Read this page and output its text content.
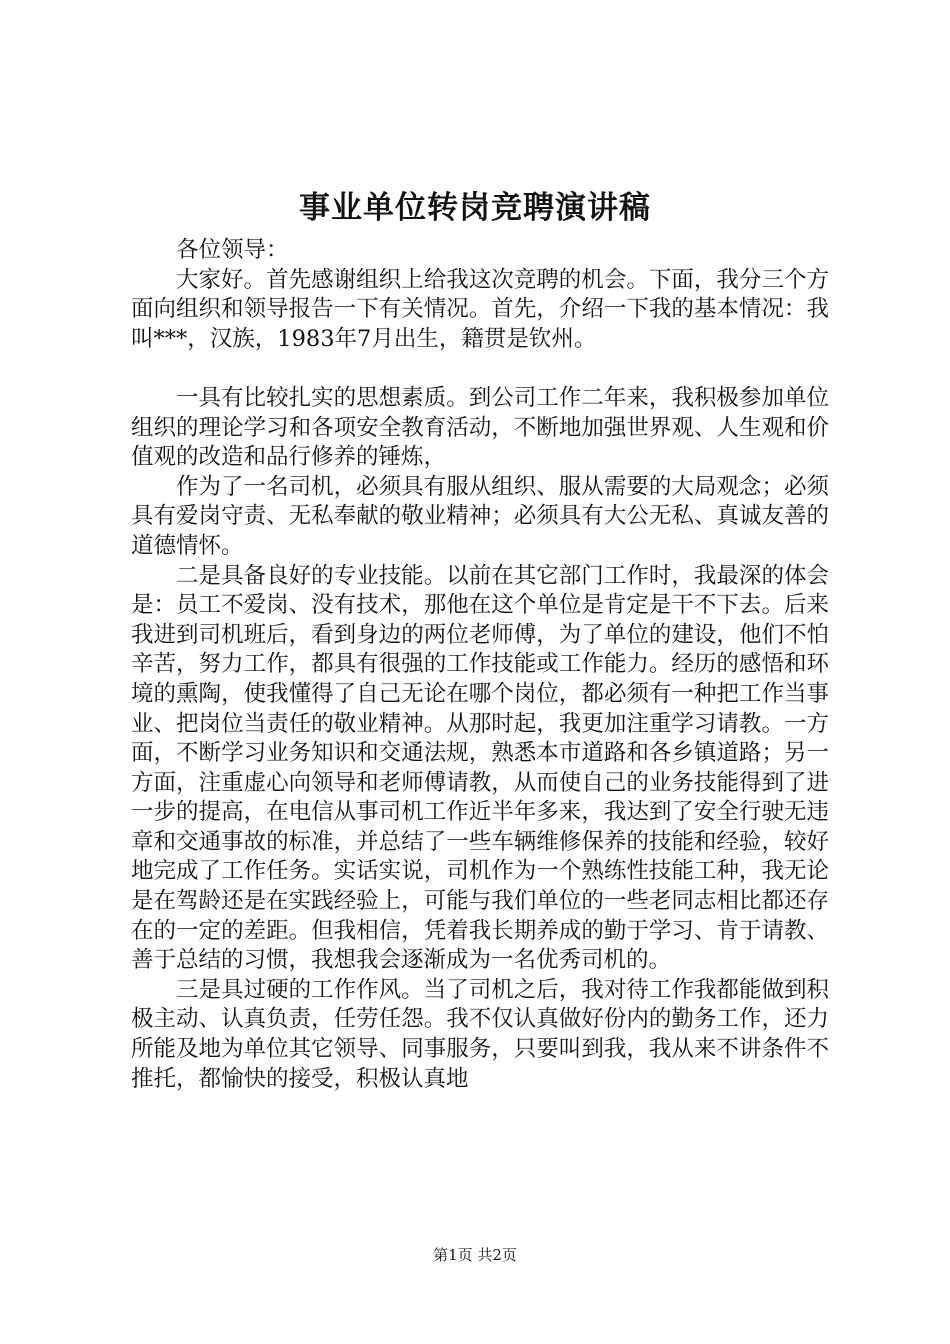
事业单位转岗竞聘演讲稿

各位领导：

大家好。首先感谢组织上给我这次竞聘的机会。下面，我分三个方面向组织和领导报告一下有关情况。首先，介绍一下我的基本情况：我叫***，汉族，1983年7月出生，籍贯是钦州。

一具有比较扎实的思想素质。到公司工作二年来，我积极参加单位组织的理论学习和各项安全教育活动，不断地加强世界观、人生观和价值观的改造和品行修养的锤炼，

作为了一名司机，必须具有服从组织、服从需要的大局观念；必须具有爱岗守责、无私奉献的敬业精神；必须具有大公无私、真诚友善的道德情怀。

二是具备良好的专业技能。以前在其它部门工作时，我最深的体会是：员工不爱岗、没有技术，那他在这个单位是肯定是干不下去。后来我进到司机班后，看到身边的两位老师傅，为了单位的建设，他们不怕辛苦，努力工作，都具有很强的工作技能或工作能力。经历的感悟和环境的熏陶，使我懂得了自己无论在哪个岗位，都必须有一种把工作当事业、把岗位当责任的敬业精神。从那时起，我更加注重学习请教。一方面，不断学习业务知识和交通法规，熟悉本市道路和各乡镇道路；另一方面，注重虚心向领导和老师傅请教，从而使自己的业务技能得到了进一步的提高，在电信从事司机工作近半年多来，我达到了安全行驶无违章和交通事故的标准，并总结了一些车辆维修保养的技能和经验，较好地完成了工作任务。实话实说，司机作为一个熟练性技能工种，我无论是在驾龄还是在实践经验上，可能与我们单位的一些老同志相比都还存在的一定的差距。但我相信，凭着我长期养成的勤于学习、肯于请教、善于总结的习惯，我想我会逐渐成为一名优秀司机的。

三是具过硬的工作作风。当了司机之后，我对待工作我都能做到积极主动、认真负责，任劳任怨。我不仅认真做好份内的勤务工作，还力所能及地为单位其它领导、同事服务，只要叫到我，我从来不讲条件不推托，都愉快的接受，积极认真地

第1页 共2页
